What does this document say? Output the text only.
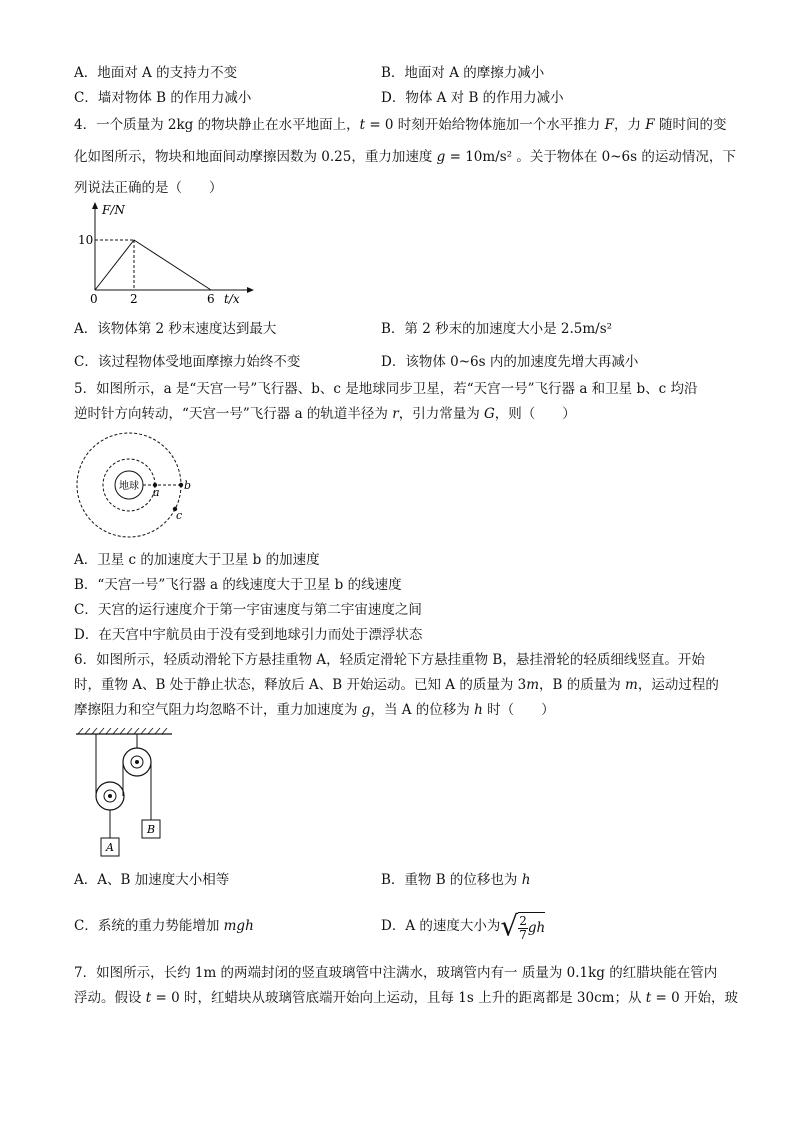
A．地面对 A 的支持力不变	B．地面对 A 的摩擦力减小
C．墙对物体 B 的作用力减小	D．物体 A 对 B 的作用力减小
4．一个质量为 2kg 的物块静止在水平地面上，t = 0 时刻开始给物体施加一个水平推力 F，力 F 随时间的变
化如图所示，物块和地面间动摩擦因数为 0.25，重力加速度 g = 10m/s² 。关于物体在 0~6s 的运动情况，下
列说法正确的是（　　）
F/N
10
0	2	6 t/x
A．该物体第 2 秒末速度达到最大	B．第 2 秒末的加速度大小是 2.5m/s²
C．该过程物体受地面摩擦力始终不变	D．该物体 0~6s 内的加速度先增大再减小
5．如图所示，a 是“天宫一号”飞行器、b、c 是地球同步卫星，若“天宫一号”飞行器 a 和卫星 b、c 均沿
逆时针方向转动，“天宫一号”飞行器 a 的轨道半径为 r，引力常量为 G，则（　　）
地球 a
b
c
A．卫星 c 的加速度大于卫星 b 的加速度
B．“天宫一号”飞行器 a 的线速度大于卫星 b 的线速度
C．天宫的运行速度介于第一宇宙速度与第二宇宙速度之间
D．在天宫中宇航员由于没有受到地球引力而处于漂浮状态
6．如图所示，轻质动滑轮下方悬挂重物 A，轻质定滑轮下方悬挂重物 B，悬挂滑轮的轻质细线竖直。开始
时，重物 A、B 处于静止状态，释放后 A、B 开始运动。已知 A 的质量为 3m，B 的质量为 m，运动过程的
摩擦阻力和空气阻力均忽略不计，重力加速度为 g，当 A 的位移为 h 时（　　）
A
B
A．A、B 加速度大小相等	B．重物 B 的位移也为 h
C．系统的重力势能增加 mgh	D．A 的速度大小为√ $\frac{2}{7}$ gh
7．如图所示，长约 1m 的两端封闭的竖直玻璃管中注满水，玻璃管内有一 质量为 0.1kg 的红腊块能在管内
浮动。假设 t = 0 时，红蜡块从玻璃管底端开始向上运动，且每 1s 上升的距离都是 30cm；从 t = 0 开始，玻
